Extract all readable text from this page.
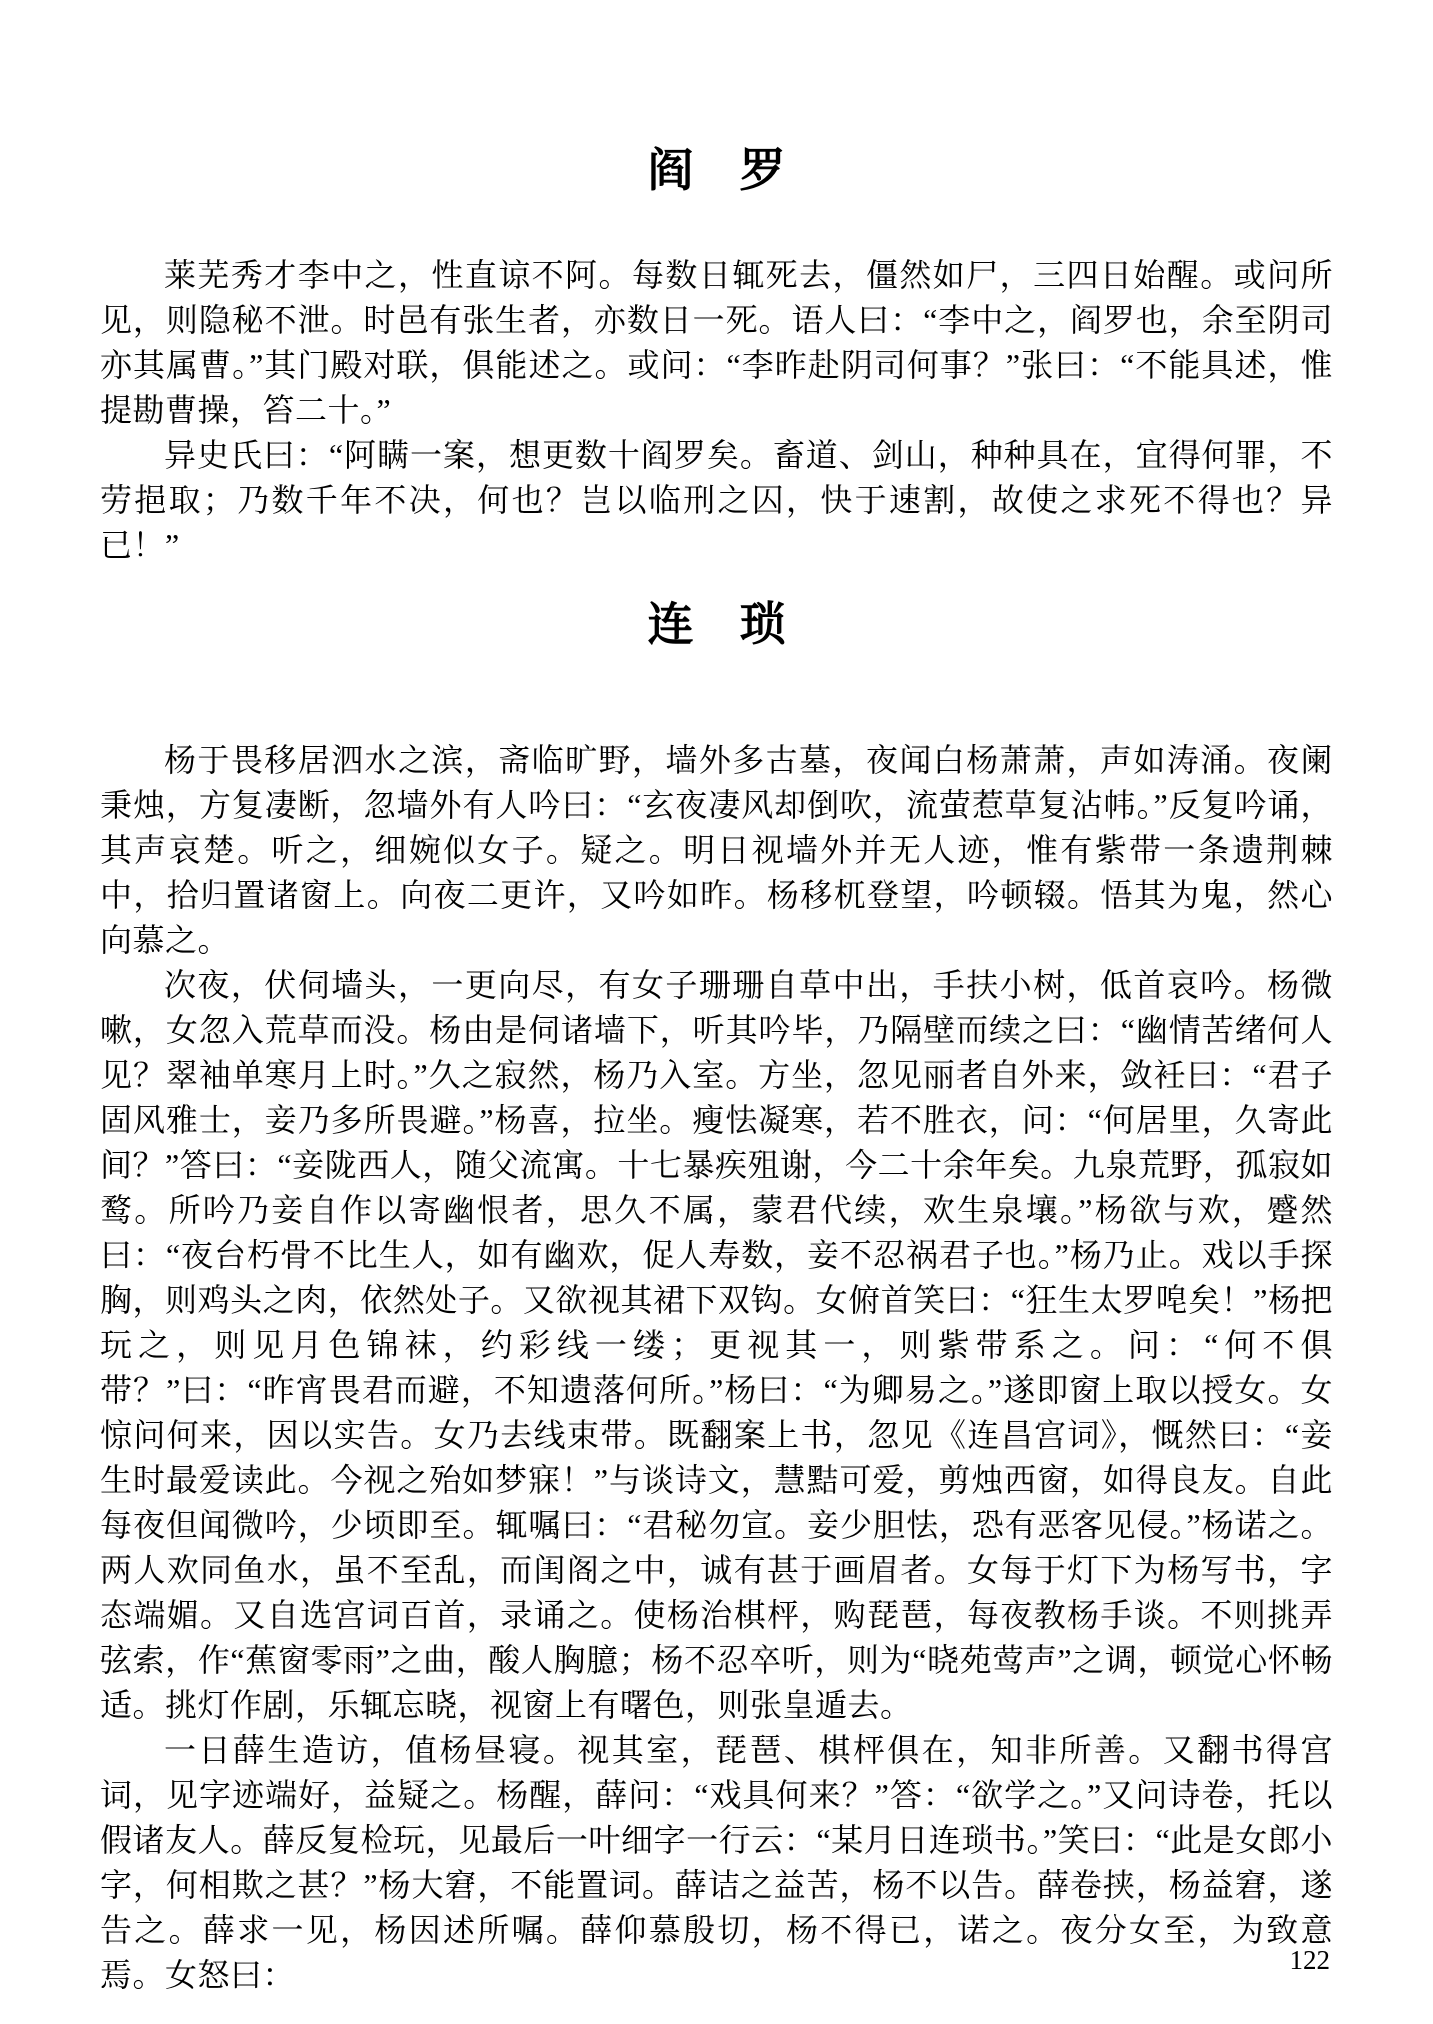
阎　罗

莱芜秀才李中之，性直谅不阿。每数日辄死去，僵然如尸，三四日始醒。或问所见，则隐秘不泄。时邑有张生者，亦数日一死。语人曰：“李中之，阎罗也，余至阴司亦其属曹。”其门殿对联，俱能述之。或问：“李昨赴阴司何事？”张曰：“不能具述，惟提勘曹操，笞二十。”

异史氏曰：“阿瞒一案，想更数十阎罗矣。畜道、剑山，种种具在，宜得何罪，不劳挹取；乃数千年不决，何也？岂以临刑之囚，快于速割，故使之求死不得也？异已！”

连　琐

杨于畏移居泗水之滨，斋临旷野，墙外多古墓，夜闻白杨萧萧，声如涛涌。夜阑秉烛，方复凄断，忽墙外有人吟曰：“玄夜凄风却倒吹，流萤惹草复沾帏。”反复吟诵，其声哀楚。听之，细婉似女子。疑之。明日视墙外并无人迹，惟有紫带一条遗荆棘中，拾归置诸窗上。向夜二更许，又吟如昨。杨移杌登望，吟顿辍。悟其为鬼，然心向慕之。

次夜，伏伺墙头，一更向尽，有女子珊珊自草中出，手扶小树，低首哀吟。杨微嗽，女忽入荒草而没。杨由是伺诸墙下，听其吟毕，乃隔壁而续之曰：“幽情苦绪何人见？翠袖单寒月上时。”久之寂然，杨乃入室。方坐，忽见丽者自外来，敛衽曰：“君子固风雅士，妾乃多所畏避。”杨喜，拉坐。瘦怯凝寒，若不胜衣，问：“何居里，久寄此间？”答曰：“妾陇西人，随父流寓。十七暴疾殂谢，今二十余年矣。九泉荒野，孤寂如鹜。所吟乃妾自作以寄幽恨者，思久不属，蒙君代续，欢生泉壤。”杨欲与欢，蹙然曰：“夜台朽骨不比生人，如有幽欢，促人寿数，妾不忍祸君子也。”杨乃止。戏以手探胸，则鸡头之肉，依然处子。又欲视其裙下双钩。女俯首笑曰：“狂生太罗唣矣！”杨把玩之，则见月色锦袜，约彩线一缕；更视其一，则紫带系之。问：“何不俱带？”曰：“昨宵畏君而避，不知遗落何所。”杨曰：“为卿易之。”遂即窗上取以授女。女惊问何来，因以实告。女乃去线束带。既翻案上书，忽见《连昌宫词》，慨然曰：“妾生时最爱读此。今视之殆如梦寐！”与谈诗文，慧黠可爱，剪烛西窗，如得良友。自此每夜但闻微吟，少顷即至。辄嘱曰：“君秘勿宣。妾少胆怯，恐有恶客见侵。”杨诺之。两人欢同鱼水，虽不至乱，而闺阁之中，诚有甚于画眉者。女每于灯下为杨写书，字态端媚。又自选宫词百首，录诵之。使杨治棋枰，购琵琶，每夜教杨手谈。不则挑弄弦索，作“蕉窗零雨”之曲，酸人胸臆；杨不忍卒听，则为“晓苑莺声”之调，顿觉心怀畅适。挑灯作剧，乐辄忘晓，视窗上有曙色，则张皇遁去。

一日薛生造访，值杨昼寝。视其室，琵琶、棋枰俱在，知非所善。又翻书得宫词，见字迹端好，益疑之。杨醒，薛问：“戏具何来？”答：“欲学之。”又问诗卷，托以假诸友人。薛反复检玩，见最后一叶细字一行云：“某月日连琐书。”笑曰：“此是女郎小字，何相欺之甚？”杨大窘，不能置词。薛诘之益苦，杨不以告。薛卷挟，杨益窘，遂告之。薛求一见，杨因述所嘱。薛仰慕殷切，杨不得已，诺之。夜分女至，为致意焉。女怒曰：	122
